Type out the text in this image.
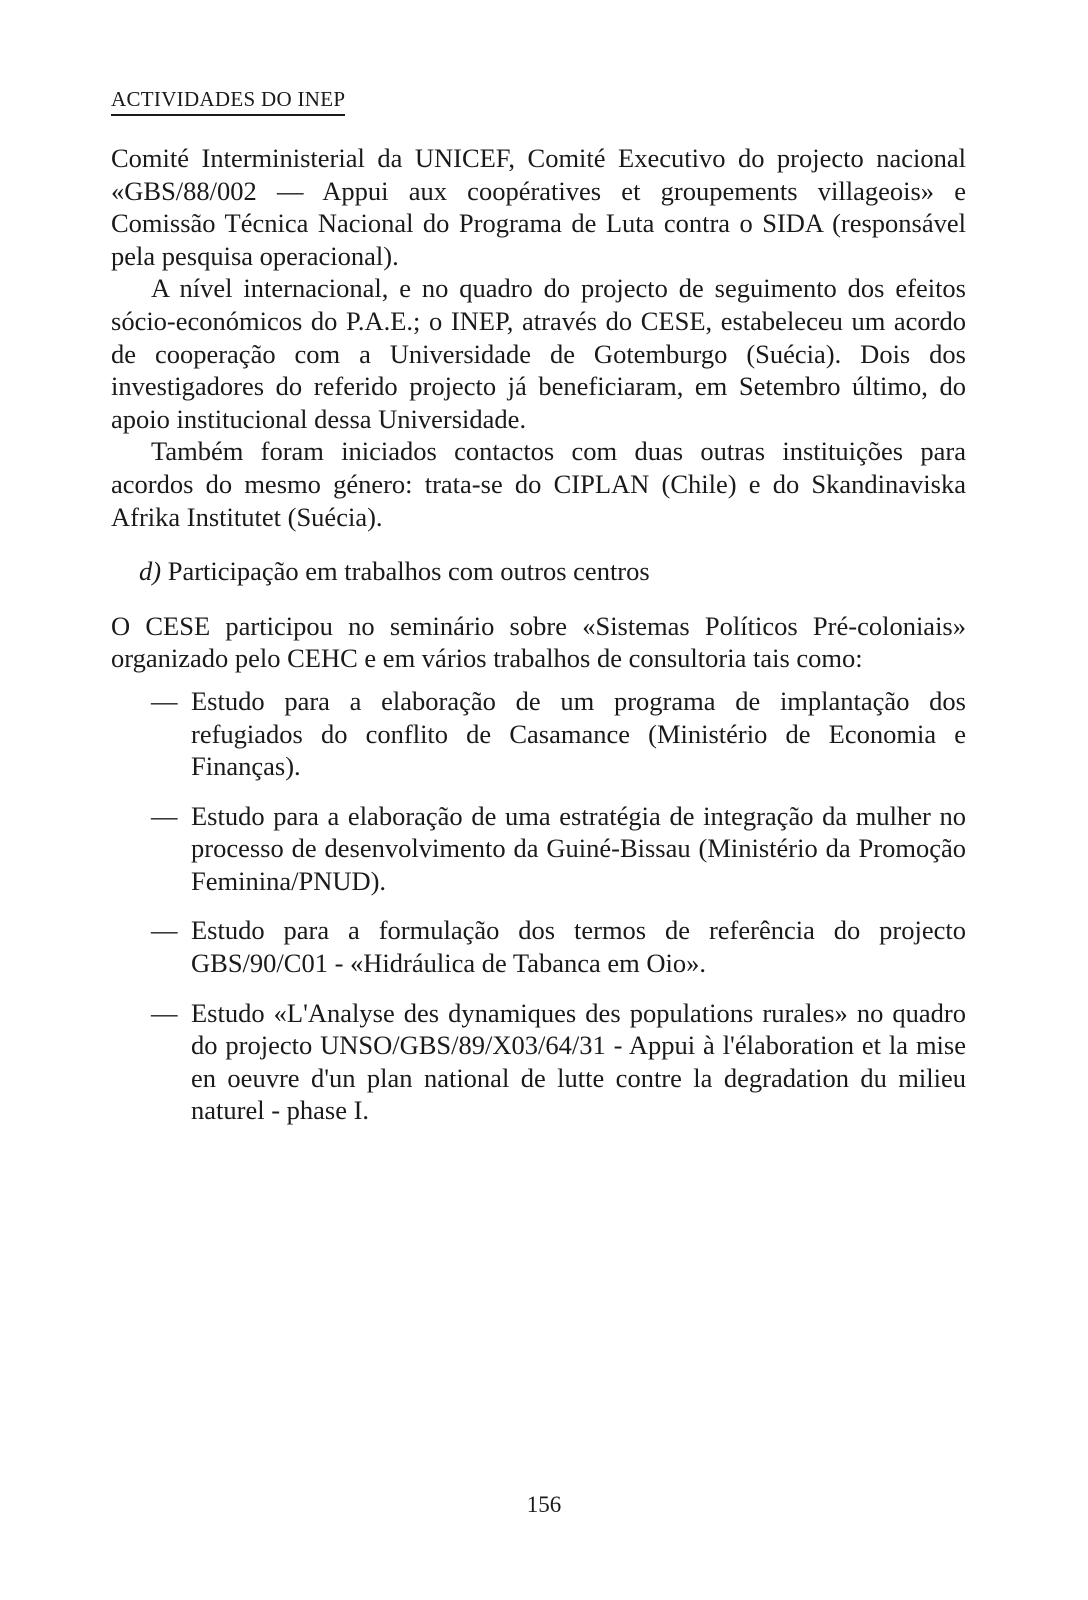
ACTIVIDADES DO INEP

Comité Interministerial da UNICEF, Comité Executivo do projecto nacional «GBS/88/002 — Appui aux coopératives et groupements villageois» e Comissão Técnica Nacional do Programa de Luta contra o SIDA (responsável pela pesquisa operacional).

A nível internacional, e no quadro do projecto de seguimento dos efeitos sócio-económicos do P.A.E.; o INEP, através do CESE, estabeleceu um acordo de cooperação com a Universidade de Gotemburgo (Suécia). Dois dos investigadores do referido projecto já beneficiaram, em Setembro último, do apoio institucional dessa Universidade.

Também foram iniciados contactos com duas outras instituições para acordos do mesmo género: trata-se do CIPLAN (Chile) e do Skandinaviska Afrika Institutet (Suécia).

d) Participação em trabalhos com outros centros

O CESE participou no seminário sobre «Sistemas Políticos Pré-coloniais» organizado pelo CEHC e em vários trabalhos de consultoria tais como:

— Estudo para a elaboração de um programa de implantação dos refugiados do conflito de Casamance (Ministério de Economia e Finanças).
— Estudo para a elaboração de uma estratégia de integração da mulher no processo de desenvolvimento da Guiné-Bissau (Ministério da Promoção Feminina/PNUD).
— Estudo para a formulação dos termos de referência do projecto GBS/90/C01 - «Hidráulica de Tabanca em Oio».
— Estudo «L'Analyse des dynamiques des populations rurales» no quadro do projecto UNSO/GBS/89/X03/64/31 - Appui à l'élaboration et la mise en oeuvre d'un plan national de lutte contre la degradation du milieu naturel - phase I.
156
